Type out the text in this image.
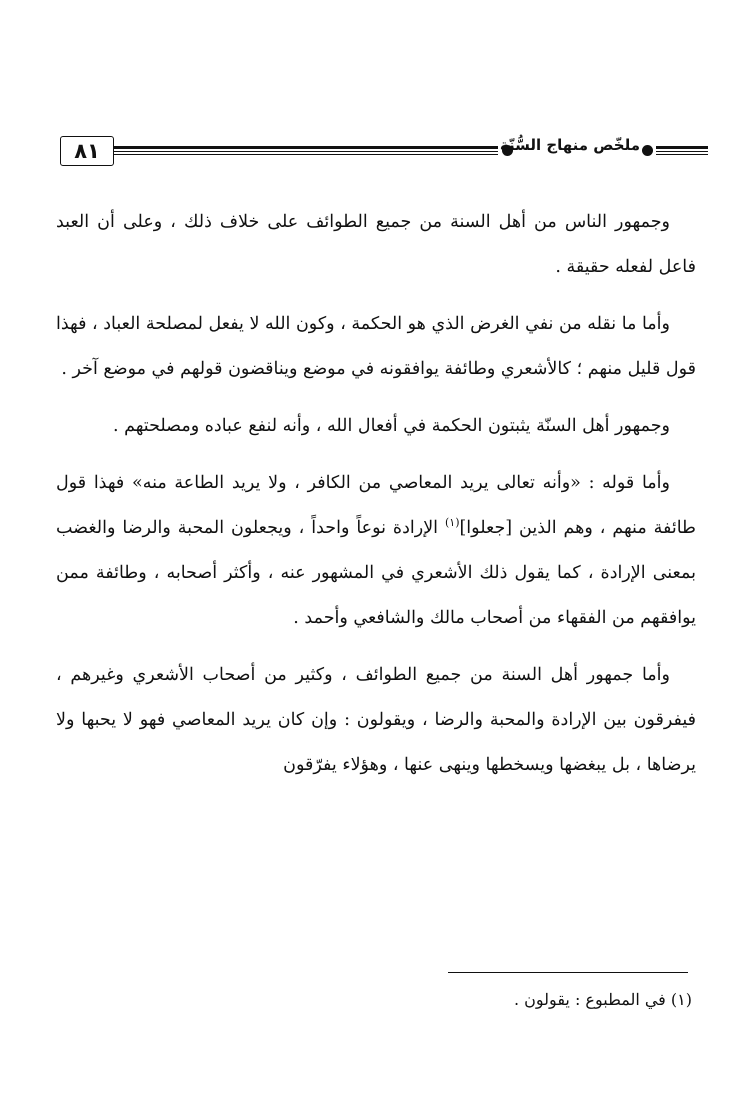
٨١	ملخّص منهاج السُّنّة

وجمهور الناس من أهل السنة من جميع الطوائف على خلاف ذلك ، وعلى أن العبد فاعل لفعله حقيقة .

وأما ما نقله من نفي الغرض الذي هو الحكمة ، وكون الله لا يفعل لمصلحة العباد ، فهذا قول قليل منهم ؛ كالأشعري وطائفة يوافقونه في موضع ويناقضون قولهم في موضع آخر .

وجمهور أهل السنّة يثبتون الحكمة في أفعال الله ، وأنه لنفع عباده ومصلحتهم .

وأما قوله : «وأنه تعالى يريد المعاصي من الكافر ، ولا يريد الطاعة منه» فهذا قول طائفة منهم ، وهم الذين [جعلوا]$^{(١)}$ الإرادة نوعاً واحداً ، ويجعلون المحبة والرضا والغضب بمعنى الإرادة ، كما يقول ذلك الأشعري في المشهور عنه ، وأكثر أصحابه ، وطائفة ممن يوافقهم من الفقهاء من أصحاب مالك والشافعي وأحمد .

وأما جمهور أهل السنة من جميع الطوائف ، وكثير من أصحاب الأشعري وغيرهم ، فيفرقون بين الإرادة والمحبة والرضا ، ويقولون : وإن كان يريد المعاصي فهو لا يحبها ولا يرضاها ، بل يبغضها ويسخطها وينهى عنها ، وهؤلاء يفرّقون

(١) في المطبوع : يقولون .
